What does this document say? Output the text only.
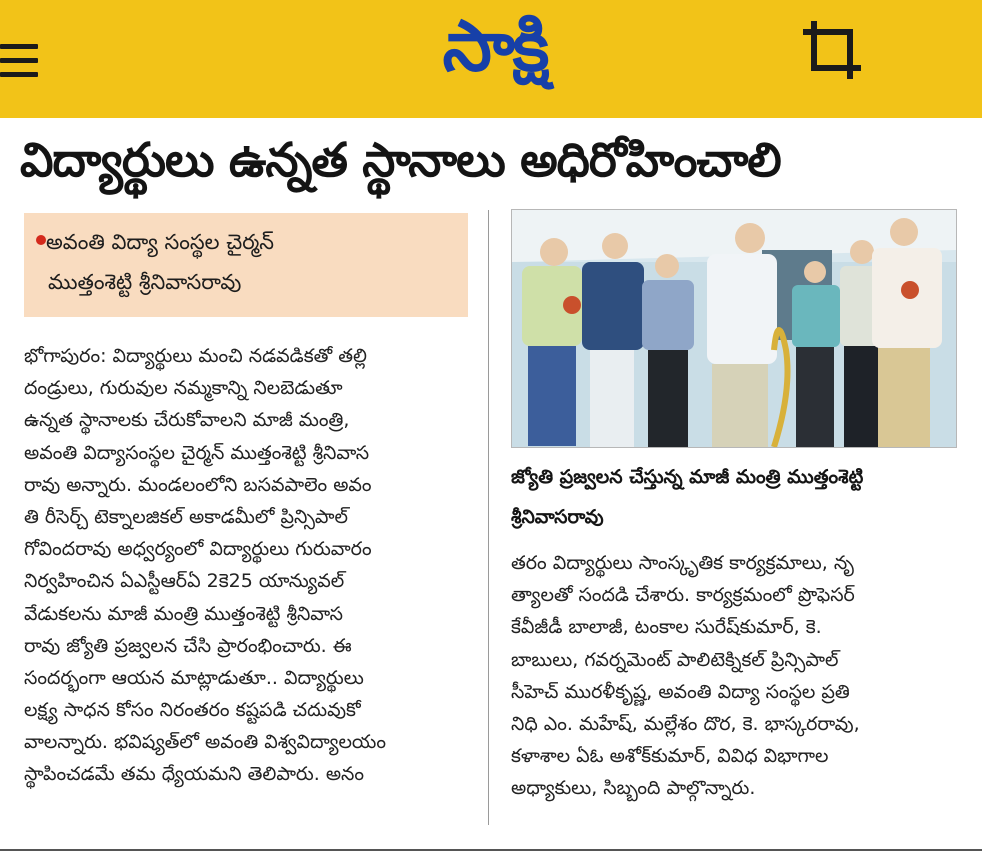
సాక్షి
విద్యార్థులు ఉన్నత స్థానాలు అధిరోహించాలి
అవంతి విద్యా సంస్థల చైర్మన్
ముత్తంశెట్టి శ్రీనివాసరావు
భోగాపురం: విద్యార్థులు మంచి నడవడికతో తల్లి
దండ్రులు, గురువుల నమ్మకాన్ని నిలబెడుతూ
ఉన్నత స్థానాలకు చేరుకోవాలని మాజీ మంత్రి,
అవంతి విద్యాసంస్థల చైర్మన్ ముత్తంశెట్టి శ్రీనివాస
రావు అన్నారు. మండలంలోని బసవపాలెం అవం
తి రీసెర్చ్ టెక్నాలజికల్ అకాడమీలో ప్రిన్సిపాల్
గోవిందరావు అధ్వర్యంలో విద్యార్థులు గురువారం
నిర్వహించిన ఏఎస్టీఆర్ఏ 2కె25 యాన్యువల్
వేడుకలను మాజీ మంత్రి ముత్తంశెట్టి శ్రీనివాస
రావు జ్యోతి ప్రజ్వలన చేసి ప్రారంభించారు. ఈ
సందర్భంగా ఆయన మాట్లాడుతూ.. విద్యార్థులు
లక్ష్య సాధన కోసం నిరంతరం కష్టపడి చదువుకో
వాలన్నారు. భవిష్యత్‌లో అవంతి విశ్వవిద్యాలయం
స్థాపించడమే తమ ధ్యేయమని తెలిపారు. అనం
జ్యోతి ప్రజ్వలన చేస్తున్న మాజీ మంత్రి ముత్తంశెట్టి
శ్రీనివాసరావు
తరం విద్యార్థులు సాంస్కృతిక కార్యక్రమాలు, నృ
త్యాలతో సందడి చేశారు. కార్యక్రమంలో ప్రొఫెసర్
కేవీజీడీ బాలాజీ, టంకాల సురేష్‌కుమార్, కె.
బాబులు, గవర్నమెంట్ పాలిటెక్నికల్ ప్రిన్సిపాల్
సీహెచ్ మురళీకృష్ణ, అవంతి విద్యా సంస్థల ప్రతి
నిధి ఎం. మహేష్, మల్లేశం దొర, కె. భాస్కరరావు,
కళాశాల ఏఓ అశోక్‌కుమార్, వివిధ విభాగాల
అధ్యాకులు, సిబ్బంది పాల్గొన్నారు.
